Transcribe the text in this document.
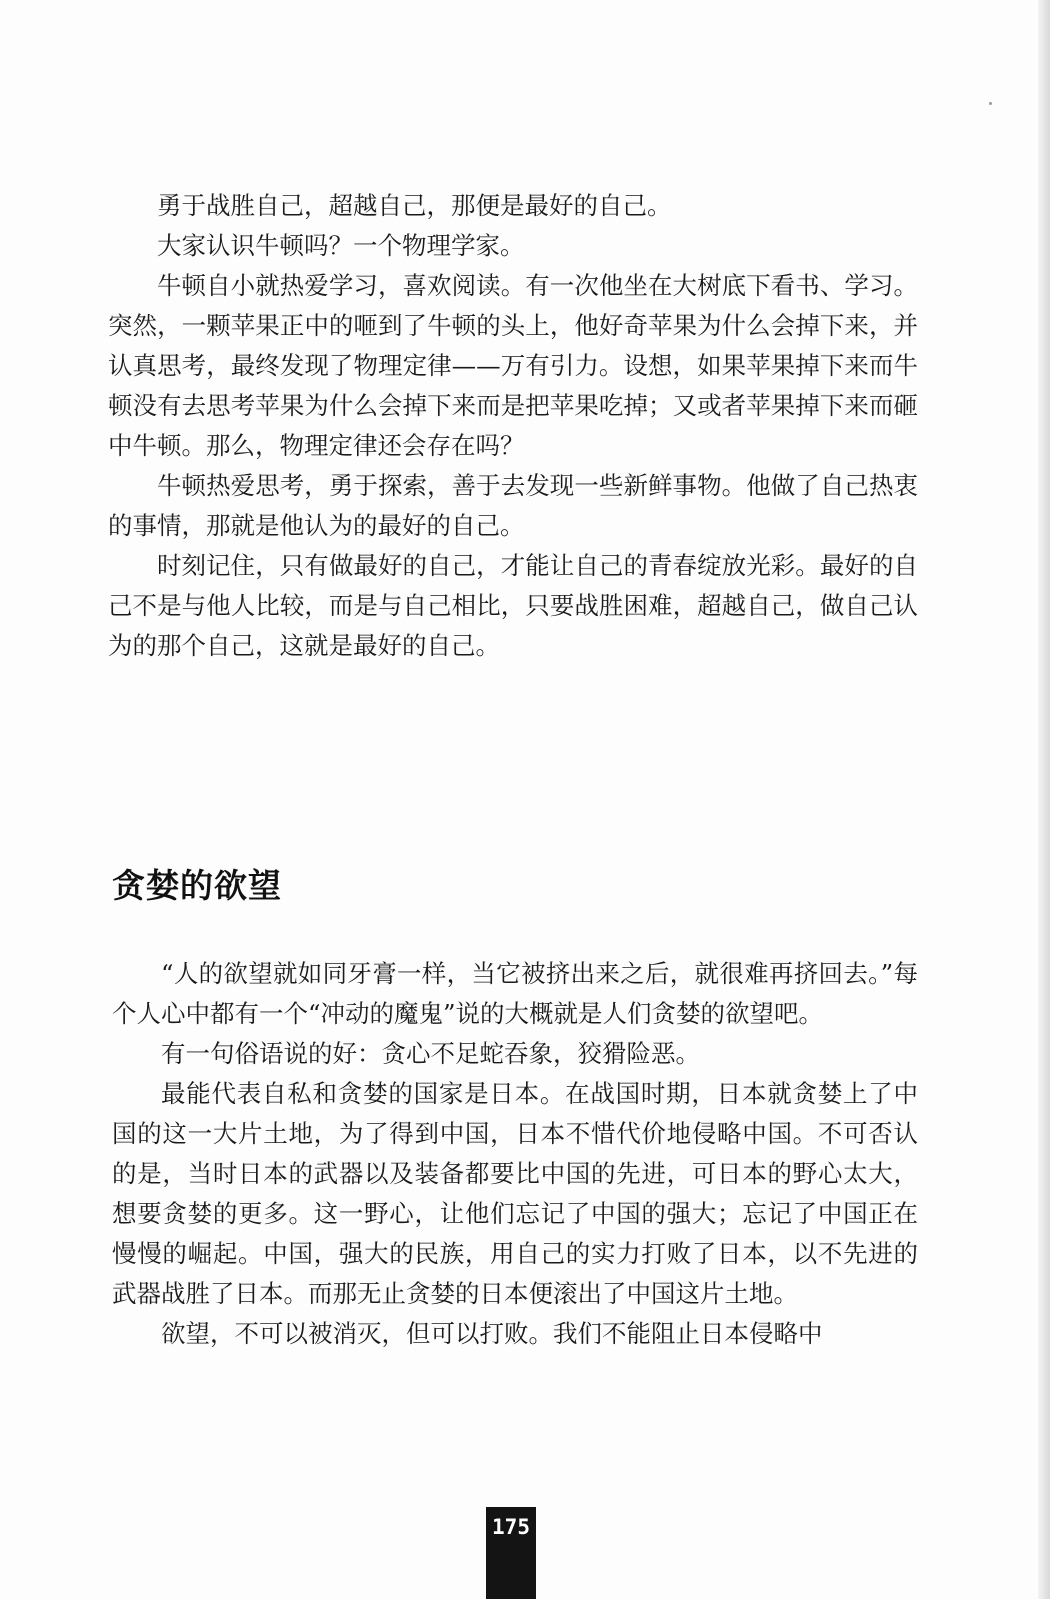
勇于战胜自己，超越自己，那便是最好的自己。

大家认识牛顿吗？一个物理学家。

牛顿自小就热爱学习，喜欢阅读。有一次他坐在大树底下看书、学习。突然，一颗苹果正中的咂到了牛顿的头上，他好奇苹果为什么会掉下来，并认真思考，最终发现了物理定律——万有引力。设想，如果苹果掉下来而牛顿没有去思考苹果为什么会掉下来而是把苹果吃掉；又或者苹果掉下来而砸中牛顿。那么，物理定律还会存在吗？

牛顿热爱思考，勇于探索，善于去发现一些新鲜事物。他做了自己热衷的事情，那就是他认为的最好的自己。

时刻记住，只有做最好的自己，才能让自己的青春绽放光彩。最好的自己不是与他人比较，而是与自己相比，只要战胜困难，超越自己，做自己认为的那个自己，这就是最好的自己。

贪婪的欲望

“人的欲望就如同牙膏一样，当它被挤出来之后，就很难再挤回去。”每个人心中都有一个“冲动的魔鬼”说的大概就是人们贪婪的欲望吧。

有一句俗语说的好：贪心不足蛇吞象，狡猾险恶。

最能代表自私和贪婪的国家是日本。在战国时期，日本就贪婪上了中国的这一大片土地，为了得到中国，日本不惜代价地侵略中国。不可否认的是，当时日本的武器以及装备都要比中国的先进，可日本的野心太大，想要贪婪的更多。这一野心，让他们忘记了中国的强大；忘记了中国正在慢慢的崛起。中国，强大的民族，用自己的实力打败了日本，以不先进的武器战胜了日本。而那无止贪婪的日本便滚出了中国这片土地。

欲望，不可以被消灭，但可以打败。我们不能阻止日本侵略中

175
